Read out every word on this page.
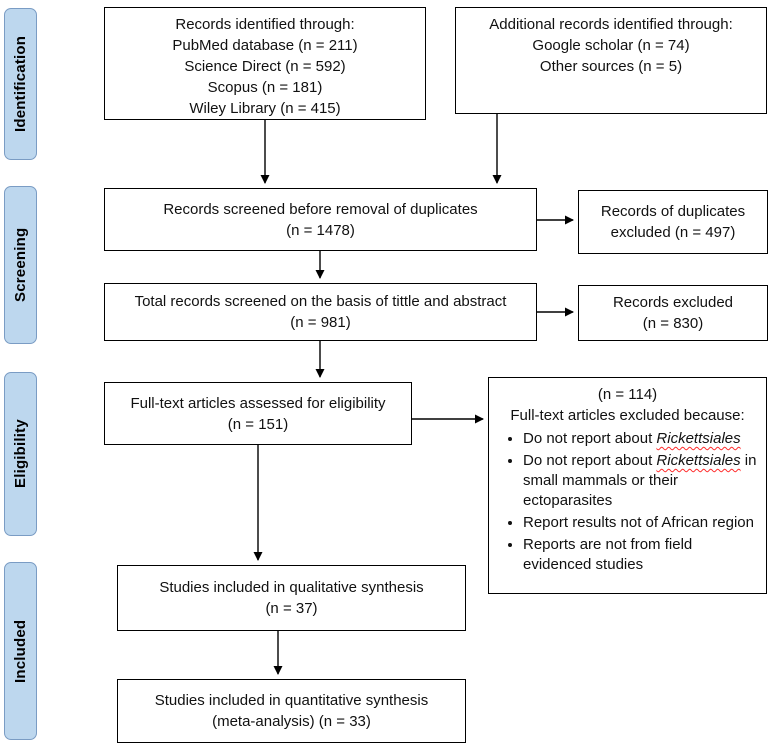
Identification
Screening
Eligibility
Included
Records identified through:
PubMed database (n = 211)
Science Direct (n = 592)
Scopus (n = 181)
Wiley Library (n = 415)
Additional records identified through:
Google scholar (n = 74)
Other sources (n = 5)
Records screened before removal of duplicates
(n = 1478)
Records of duplicates
excluded (n = 497)
Total records screened on the basis of tittle and abstract
(n = 981)
Records excluded
(n = 830)
Full-text articles assessed for eligibility
(n = 151)
(n = 114)
Full-text articles excluded because:
• Do not report about Rickettsiales
• Do not report about Rickettsiales in small mammals or their ectoparasites
• Report results not of African region
• Reports are not from field evidenced studies
Studies included in qualitative synthesis
(n = 37)
Studies included in quantitative synthesis
(meta-analysis) (n = 33)
